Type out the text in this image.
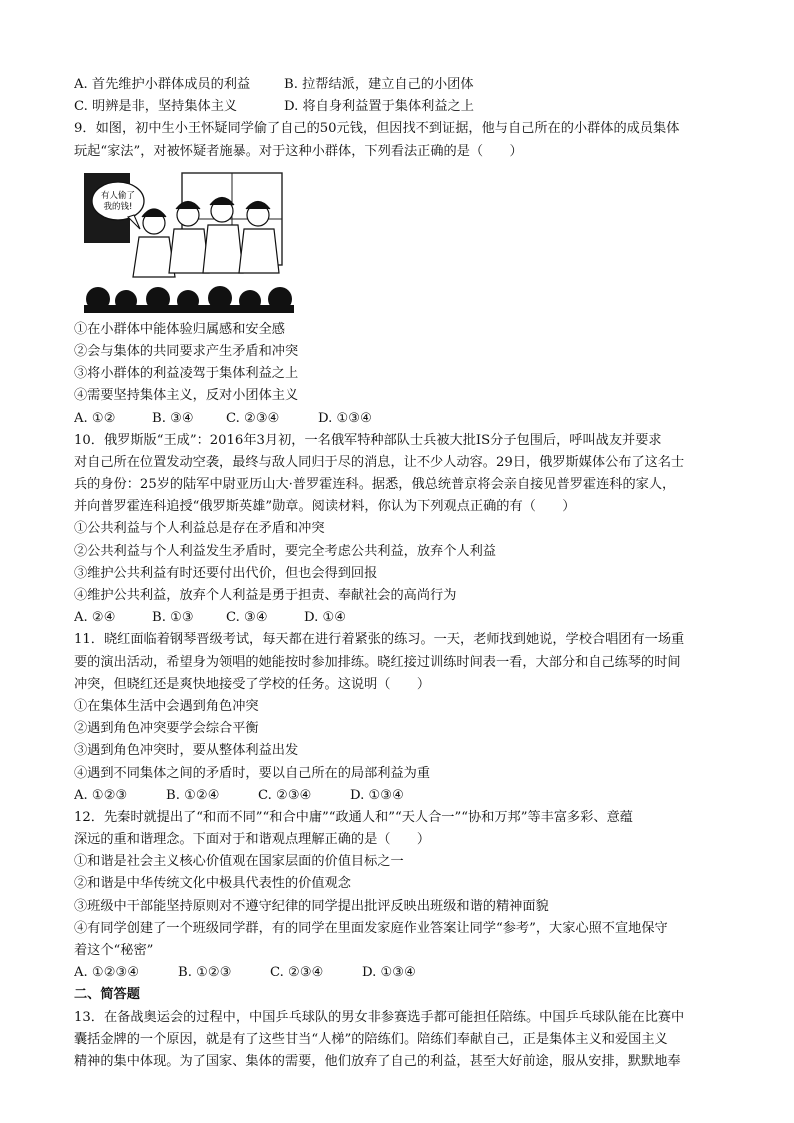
A. 首先维护小群体成员的利益	B. 拉帮结派，建立自己的小团体
C. 明辨是非，坚持集体主义	D. 将自身利益置于集体利益之上
9．如图，初中生小王怀疑同学偷了自己的50元钱，但因找不到证据，他与自己所在的小群体的成员集体
玩起“家法”，对被怀疑者施暴。对于这种小群体，下列看法正确的是（　　）
有人偷了
我的钱!
①在小群体中能体验归属感和安全感
②会与集体的共同要求产生矛盾和冲突
③将小群体的利益凌驾于集体利益之上
④需要坚持集体主义，反对小团体主义
A. ①②	B. ③④ C. ②③④	D. ①③④
10．俄罗斯版“王成”：2016年3月初，一名俄军特种部队士兵被大批IS分子包围后，呼叫战友并要求
对自己所在位置发动空袭，最终与敌人同归于尽的消息，让不少人动容。29日，俄罗斯媒体公布了这名士
兵的身份：25岁的陆军中尉亚历山大·普罗霍连科。据悉，俄总统普京将会亲自接见普罗霍连科的家人，
并向普罗霍连科追授“俄罗斯英雄”勋章。阅读材料，你认为下列观点正确的有（　　）
①公共利益与个人利益总是存在矛盾和冲突
②公共利益与个人利益发生矛盾时，要完全考虑公共利益，放弃个人利益
③维护公共利益有时还要付出代价，但也会得到回报
④维护公共利益，放弃个人利益是勇于担责、奉献社会的高尚行为
A. ②④	B. ①③ C. ③④	D. ①④
11．晓红面临着钢琴晋级考试，每天都在进行着紧张的练习。一天，老师找到她说，学校合唱团有一场重
要的演出活动，希望身为领唱的她能按时参加排练。晓红接过训练时间表一看，大部分和自己练琴的时间
冲突，但晓红还是爽快地接受了学校的任务。这说明（　　）
①在集体生活中会遇到角色冲突
②遇到角色冲突要学会综合平衡
③遇到角色冲突时，要从整体利益出发
④遇到不同集体之间的矛盾时，要以自己所在的局部利益为重
A. ①②③	B. ①②④	C. ②③④	D. ①③④
12．先秦时就提出了“和而不同”“和合中庸”“政通人和”“天人合一”“协和万邦”等丰富多彩、意蕴
深远的重和谐理念。下面对于和谐观点理解正确的是（　　）
①和谐是社会主义核心价值观在国家层面的价值目标之一
②和谐是中华传统文化中极具代表性的价值观念
③班级中干部能坚持原则对不遵守纪律的同学提出批评反映出班级和谐的精神面貌
④有同学创建了一个班级同学群，有的同学在里面发家庭作业答案让同学“参考”，大家心照不宣地保守
着这个“秘密”
A. ①②③④	B. ①②③	C. ②③④	D. ①③④
二、简答题
13．在备战奥运会的过程中，中国乒乓球队的男女非参赛选手都可能担任陪练。中国乒乓球队能在比赛中
囊括金牌的一个原因，就是有了这些甘当“人梯”的陪练们。陪练们奉献自己，正是集体主义和爱国主义
精神的集中体现。为了国家、集体的需要，他们放弃了自己的利益，甚至大好前途，服从安排，默默地奉
